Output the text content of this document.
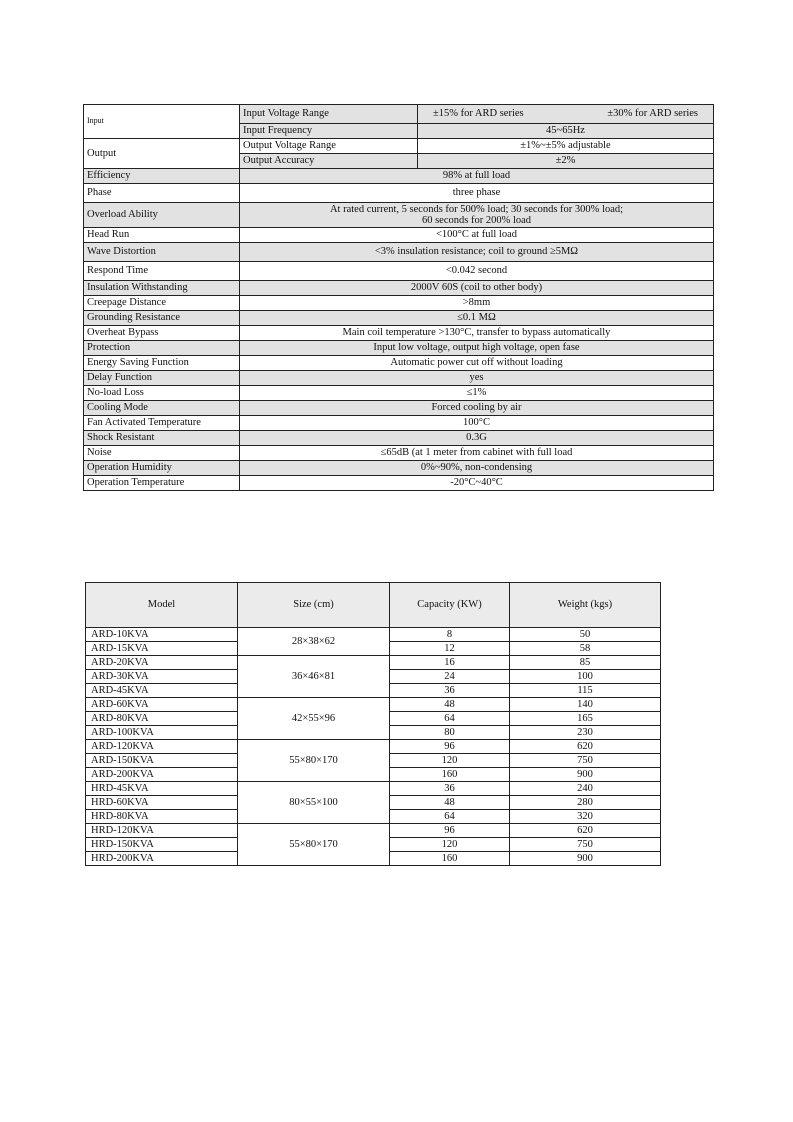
Input	Input Voltage Range	±15% for ARD series ±30% for ARD series

	Input Frequency	45~65Hz
Output	Output Voltage Range	±1%~±5% adjustable
	Output Accuracy	±2%
Efficiency	98% at full load	
Phase	three phase	
Overload Ability	At rated current, 5 seconds for 500% load; 30 seconds for 300% load;
60 seconds for 200% load	

Head Run	<100°C at full load	
Wave Distortion	<3% insulation resistance; coil to ground ≥5MΩ	
Respond Time	<0.042 second	
Insulation Withstanding	2000V 60S (coil to other body)	
Creepage Distance	>8mm	
Grounding Resistance	≤0.1 MΩ	
Overheat Bypass	Main coil temperature >130°C, transfer to bypass automatically	
Protection	Input low voltage, output high voltage, open fase	
Energy Saving Function	Automatic power cut off without loading	
Delay Function	yes	
No-load Loss	≤1%	
Cooling Mode	Forced cooling by air	
Fan Activated Temperature	100°C	
Shock Resistant	0.3G	
Noise	≤65dB (at 1 meter from cabinet with full load	
Operation Humidity	0%~90%, non-condensing	
Operation Temperature	-20°C~40°C	
Model	Size (cm)	Capacity (KW)	Weight (kgs)
ARD-10KVA	28×38×62	8	50
ARD-15KVA		12	58
ARD-20KVA	36×46×81	16	85
ARD-30KVA		24	100
ARD-45KVA		36	115
ARD-60KVA	42×55×96	48	140
ARD-80KVA		64	165
ARD-100KVA		80	230
ARD-120KVA	55×80×170	96	620
ARD-150KVA		120	750
ARD-200KVA		160	900
HRD-45KVA	80×55×100	36	240
HRD-60KVA		48	280
HRD-80KVA		64	320
HRD-120KVA	55×80×170	96	620
HRD-150KVA		120	750
HRD-200KVA		160	900
